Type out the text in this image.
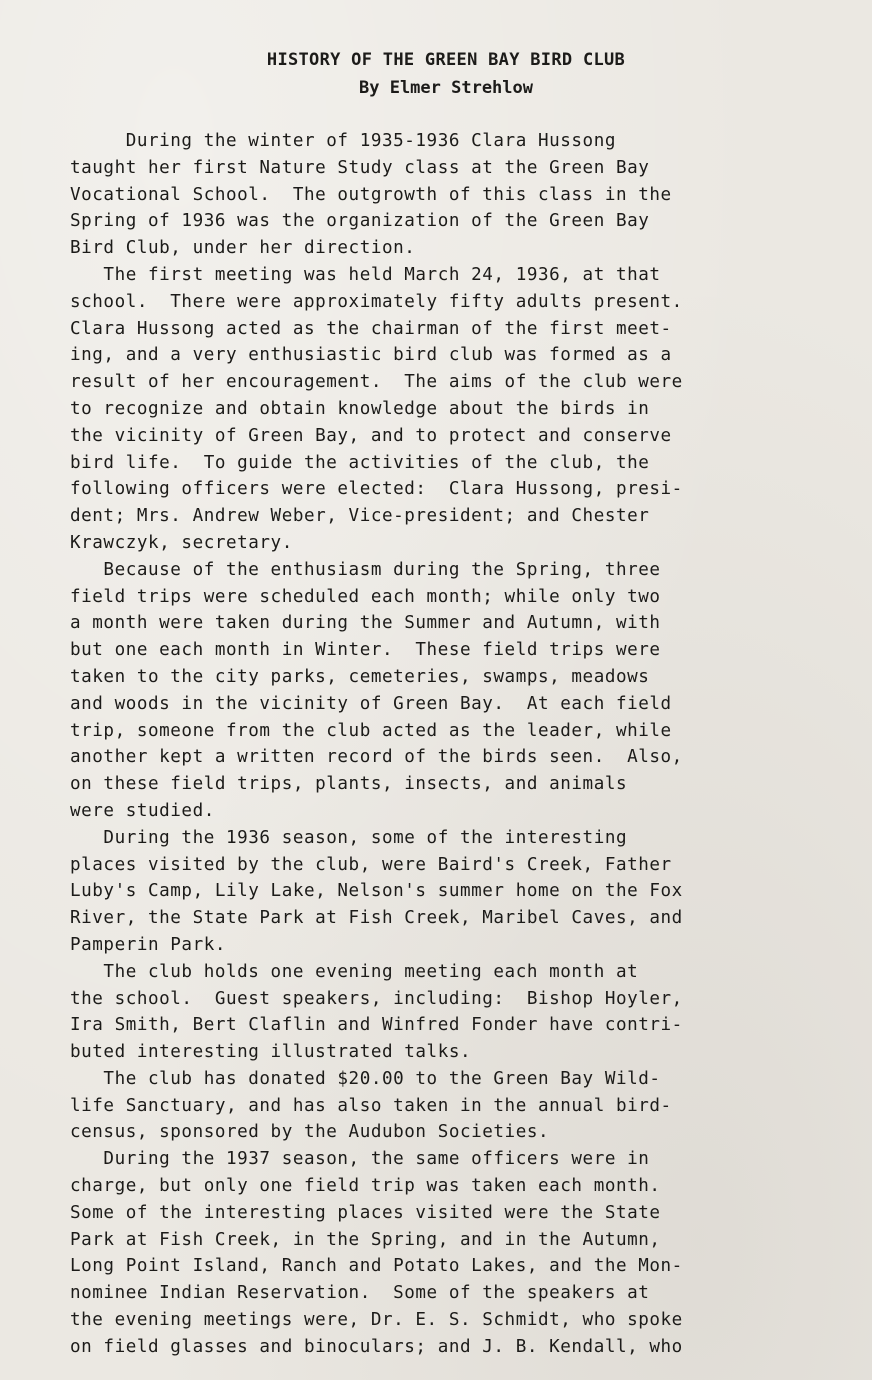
HISTORY OF THE GREEN BAY BIRD CLUB
By Elmer Strehlow
During the winter of 1935-1936 Clara Hussong
taught her first Nature Study class at the Green Bay
Vocational School.  The outgrowth of this class in the
Spring of 1936 was the organization of the Green Bay
Bird Club, under her direction.
The first meeting was held March 24, 1936, at that
school.  There were approximately fifty adults present.
Clara Hussong acted as the chairman of the first meet-
ing, and a very enthusiastic bird club was formed as a
result of her encouragement.  The aims of the club were
to recognize and obtain knowledge about the birds in
the vicinity of Green Bay, and to protect and conserve
bird life.  To guide the activities of the club, the
following officers were elected:  Clara Hussong, presi-
dent; Mrs. Andrew Weber, Vice-president; and Chester
Krawczyk, secretary.
Because of the enthusiasm during the Spring, three
field trips were scheduled each month; while only two
a month were taken during the Summer and Autumn, with
but one each month in Winter.  These field trips were
taken to the city parks, cemeteries, swamps, meadows
and woods in the vicinity of Green Bay.  At each field
trip, someone from the club acted as the leader, while
another kept a written record of the birds seen.  Also,
on these field trips, plants, insects, and animals
were studied.
During the 1936 season, some of the interesting
places visited by the club, were Baird's Creek, Father
Luby's Camp, Lily Lake, Nelson's summer home on the Fox
River, the State Park at Fish Creek, Maribel Caves, and
Pamperin Park.
The club holds one evening meeting each month at
the school.  Guest speakers, including:  Bishop Hoyler,
Ira Smith, Bert Claflin and Winfred Fonder have contri-
buted interesting illustrated talks.
The club has donated $20.00 to the Green Bay Wild-
life Sanctuary, and has also taken in the annual bird-
census, sponsored by the Audubon Societies.
During the 1937 season, the same officers were in
charge, but only one field trip was taken each month.
Some of the interesting places visited were the State
Park at Fish Creek, in the Spring, and in the Autumn,
Long Point Island, Ranch and Potato Lakes, and the Mon-
nominee Indian Reservation.  Some of the speakers at
the evening meetings were, Dr. E. S. Schmidt, who spoke
on field glasses and binoculars; and J. B. Kendall, who
